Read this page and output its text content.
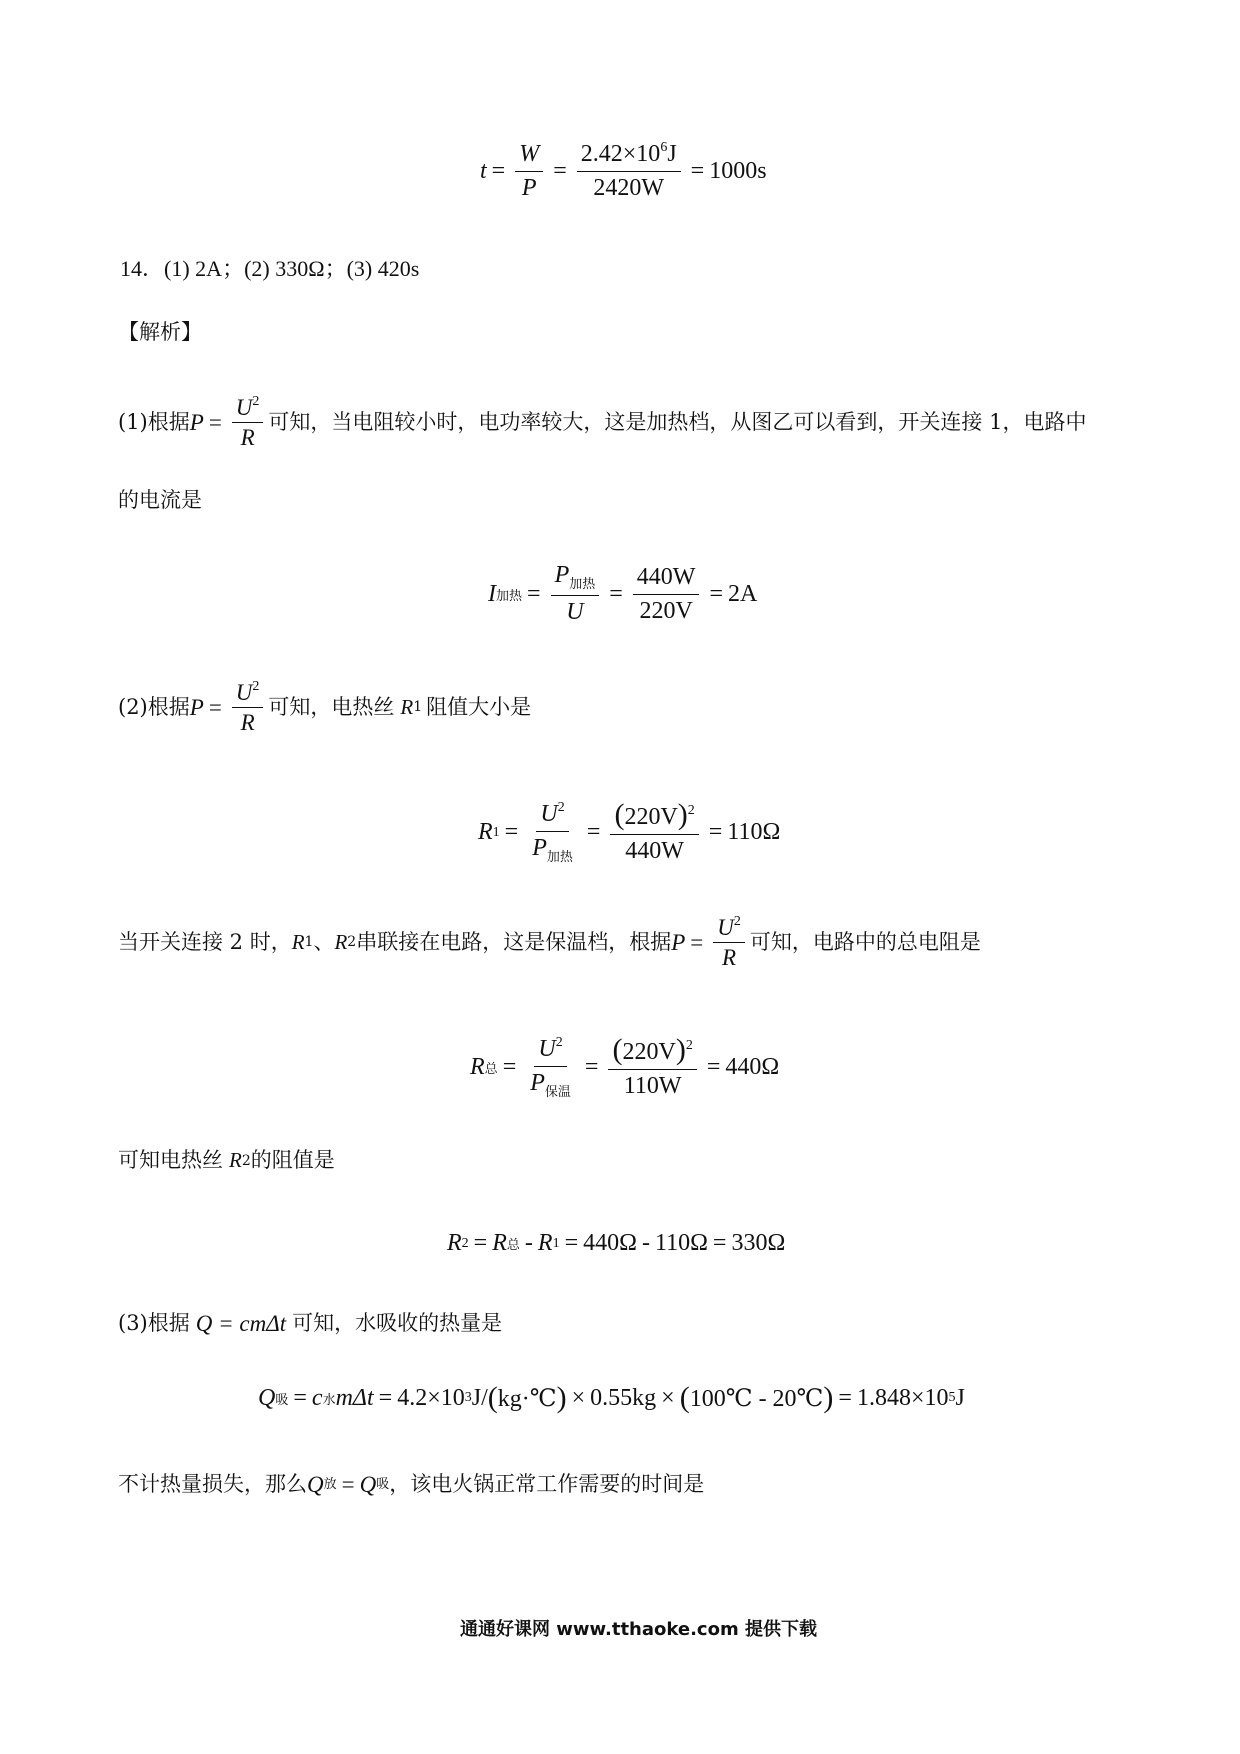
$t = \frac{W}{P} = \frac{2.42\times 10^6J}{2420W} = 1000s$
14．(1) 2A；(2) 330Ω；(3) 420s
【解析】
(1)根据 $P = \frac{U^2}{R}$ 可知，当电阻较小时，电功率较大，这是加热档，从图乙可以看到，开关连接 1，电路中
的电流是
I 加热 = $\frac{P_{加热}}{U} = \frac{440W}{220V} = 2A$
(2)根据 $P = \frac{U^2}{R}$ 可知，电热丝 R 1 阻值大小是
R $1 = \frac{U^2}{P_{加热}} = \frac{(220V)^2}{440W} = 110\Omega$
当开关连接 2 时， R 1 、 R 2 串联接在电路，这是保温档，根据 $P = \frac{U^2}{R}$ 可知，电路中的总电阻是
R 总 = $\frac{U^2}{P_{保温}} = \frac{(220V)^2}{110W} = 440\Omega$
可知电热丝 R 2 的阻值是
R 2 = R 总 - R 1 = 440Ω - 110Ω = 330Ω
(3)根据 Q = cmΔt 可知，水吸收的热量是
Q 吸 = c 水 mΔt = 4.2×10 3 J/ ( kg·℃ ) × 0.55kg × ( 100℃ - 20℃ ) = 1.848×10 5 J
不计热量损失，那么 Q 放 = Q 吸 ，该电火锅正常工作需要的时间是
通通好课网 www.tthaoke.com 提供下载
